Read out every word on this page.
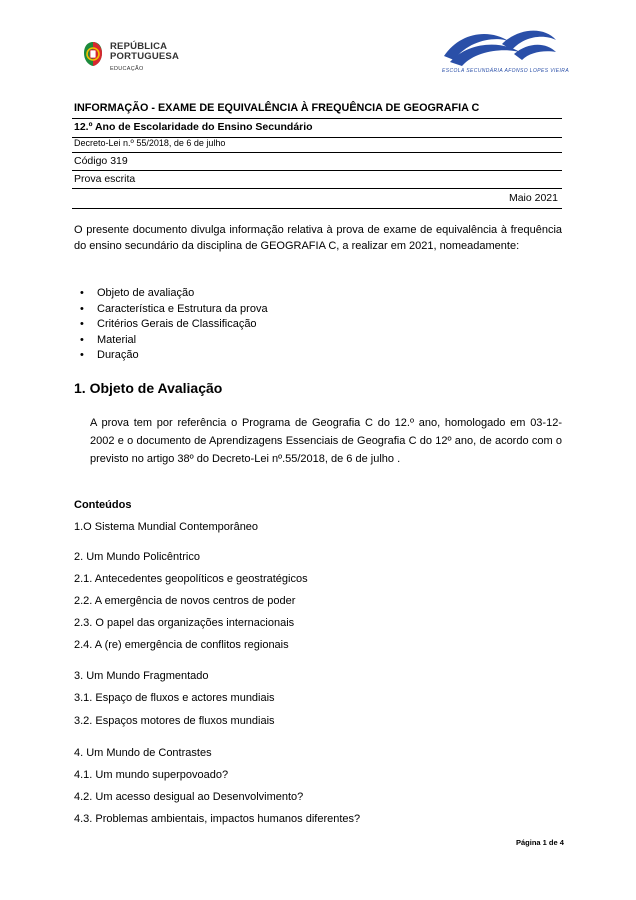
REPÚBLICA
PORTUGUESA
EDUCAÇÃO	ESCOLA SECUNDÁRIA AFONSO LOPES VIEIRA
INFORMAÇÃO - EXAME DE EQUIVALÊNCIA À FREQUÊNCIA DE GEOGRAFIA C
12.º Ano de Escolaridade do Ensino Secundário
Decreto-Lei n.º 55/2018, de 6 de julho
Código 319
Prova escrita
Maio 2021

O presente documento divulga informação relativa à prova de exame de equivalência à frequência do ensino secundário da disciplina de GEOGRAFIA C, a realizar em 2021, nomeadamente:

• Objeto de avaliação
• Característica e Estrutura da prova
• Critérios Gerais de Classificação
• Material
• Duração
1. Objeto de Avaliação

A prova tem por referência o Programa de Geografia C do 12.º ano, homologado em 03-12- 2002 e o documento de Aprendizagens Essenciais de Geografia C do 12º ano, de acordo com o previsto no artigo 38º do Decreto-Lei nº.55/2018, de 6 de julho .

Conteúdos
1.O Sistema Mundial Contemporâneo
2. Um Mundo Policêntrico
2.1. Antecedentes geopolíticos e geostratégicos
2.2. A emergência de novos centros de poder
2.3. O papel das organizações internacionais
2.4. A (re) emergência de conflitos regionais
3. Um Mundo Fragmentado
3.1. Espaço de fluxos e actores mundiais
3.2. Espaços motores de fluxos mundiais
4. Um Mundo de Contrastes
4.1. Um mundo superpovoado?
4.2. Um acesso desigual ao Desenvolvimento?
4.3. Problemas ambientais, impactos humanos diferentes?
Página 1 de 4
